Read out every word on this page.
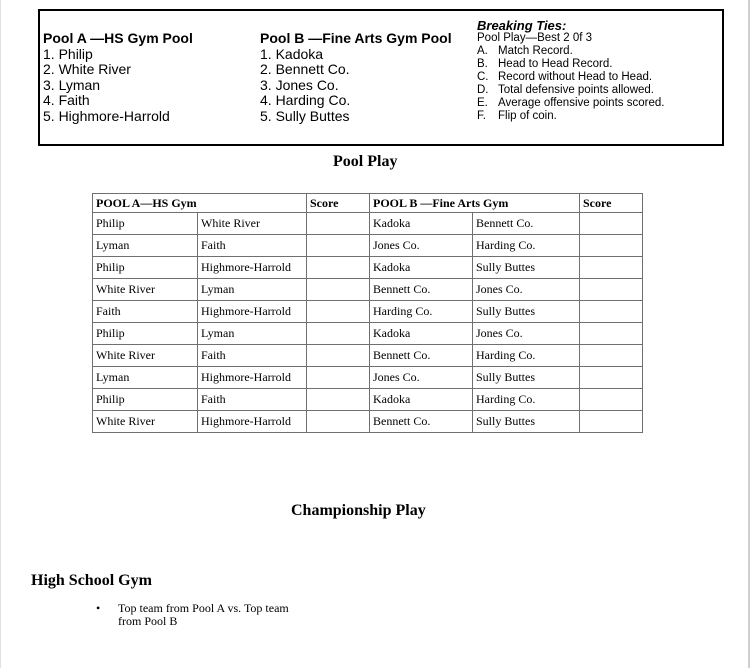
Pool A —HS Gym Pool
1. Philip
2. White River
3. Lyman
4. Faith
5. Highmore-Harrold
Pool B —Fine Arts Gym Pool
1. Kadoka
2. Bennett Co.
3. Jones Co.
4. Harding Co.
5. Sully Buttes
Breaking Ties:
Pool Play—Best 2 0f 3
A. Match Record.
B. Head to Head Record.
C. Record without Head to Head.
D. Total defensive points allowed.
E. Average offensive points scored.
F.	Flip of coin.
Pool Play
POOL A—HS Gym		Score	POOL B —Fine Arts Gym		Score
Philip	White River		Kadoka	Bennett Co.	
Lyman	Faith		Jones Co.	Harding Co.	
Philip	Highmore-Harrold		Kadoka	Sully Buttes	
White River	Lyman		Bennett Co.	Jones Co.	
Faith	Highmore-Harrold		Harding Co.	Sully Buttes	
Philip	Lyman		Kadoka	Jones Co.	
White River	Faith		Bennett Co.	Harding Co.	
Lyman	Highmore-Harrold		Jones Co.	Sully Buttes	
Philip	Faith		Kadoka	Harding Co.	
White River	Highmore-Harrold		Bennett Co.	Sully Buttes	
Championship Play
High School Gym
•	Top team from Pool A vs. Top team from Pool B
